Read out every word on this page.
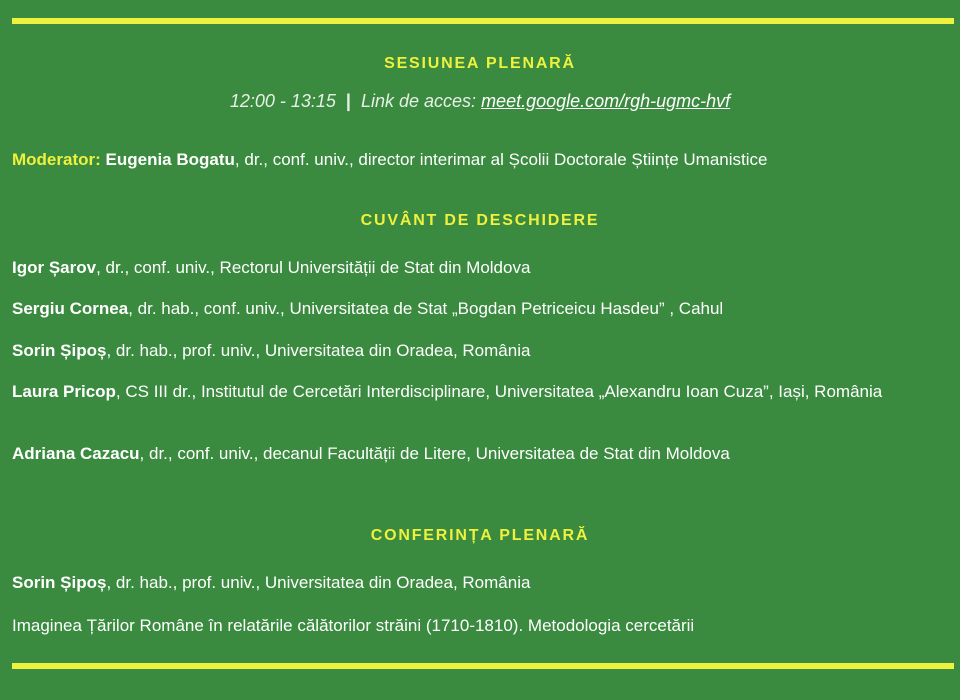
SESIUNEA PLENARĂ
12:00 - 13:15 | Link de acces: meet.google.com/rgh-ugmc-hvf
Moderator: Eugenia Bogatu, dr., conf. univ., director interimar al Școlii Doctorale Științe Umanistice
CUVÂNT DE DESCHIDERE
Igor Șarov, dr., conf. univ., Rectorul Universității de Stat din Moldova
Sergiu Cornea, dr. hab., conf. univ., Universitatea de Stat „Bogdan Petriceicu Hasdeu” , Cahul
Sorin Șipoș, dr. hab., prof. univ., Universitatea din Oradea, România
Laura Pricop, CS III dr., Institutul de Cercetări Interdisciplinare, Universitatea „Alexandru Ioan Cuza”, Iași, România
Adriana Cazacu, dr., conf. univ., decanul Facultății de Litere, Universitatea de Stat din Moldova
CONFERINȚA PLENARĂ
Sorin Șipoș, dr. hab., prof. univ., Universitatea din Oradea, România
Imaginea Țărilor Române în relatările călătorilor străini (1710-1810). Metodologia cercetării
